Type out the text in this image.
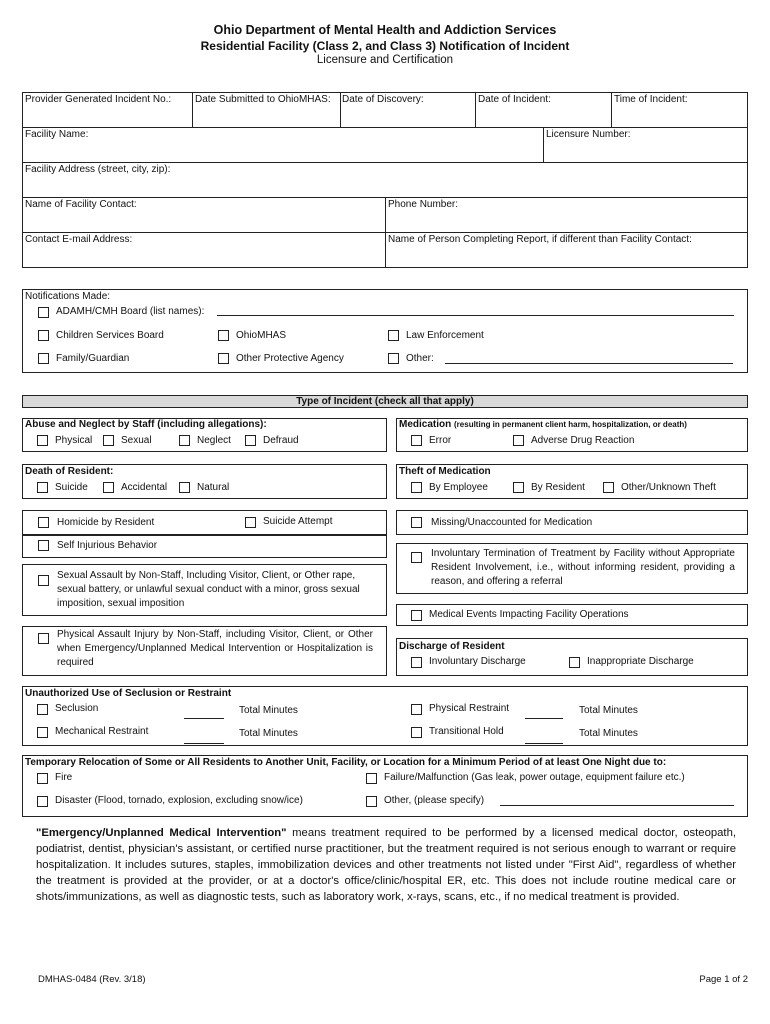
Ohio Department of Mental Health and Addiction Services
Residential Facility (Class 2, and Class 3) Notification of Incident
Licensure and Certification
Provider Generated Incident No.: Date Submitted to OhioMHAS: Date of Discovery:	Date of Incident:	Time of Incident:
Facility Name:	Licensure Number:
Facility Address (street, city, zip):
Name of Facility Contact:	Phone Number:
Contact E-mail Address:	Name of Person Completing Report, if different than Facility Contact:
Notifications Made:
ADAMH/CMH Board (list names):
Children Services Board	OhioMHAS	Law Enforcement
Family/Guardian	Other Protective Agency	Other:
Type of Incident (check all that apply)
Abuse and Neglect by Staff (including allegations):
Physical	Sexual	Neglect	Defraud
Medication (resulting in permanent client harm, hospitalization, or death)
Error	Adverse Drug Reaction
Death of Resident:
Suicide	Accidental	Natural
Theft of Medication
By Employee	By Resident	Other/Unknown Theft
Homicide by Resident	Suicide Attempt
Self Injurious Behavior
Sexual Assault by Non-Staff, Including Visitor, Client, or Other rape, sexual battery, or unlawful sexual conduct with a minor, gross sexual imposition, sexual imposition
Physical Assault Injury by Non-Staff, including Visitor, Client, or Other when Emergency/Unplanned Medical Intervention or Hospitalization is required
Missing/Unaccounted for Medication
Involuntary Termination of Treatment by Facility without Appropriate Resident Involvement, i.e., without informing resident, providing a reason, and offering a referral
Medical Events Impacting Facility Operations
Discharge of Resident
Involuntary Discharge	Inappropriate Discharge
Unauthorized Use of Seclusion or Restraint
Seclusion	Total Minutes	Physical Restraint	Total Minutes
Mechanical Restraint	Total Minutes	Transitional Hold	Total Minutes
Temporary Relocation of Some or All Residents to Another Unit, Facility, or Location for a Minimum Period of at least One Night due to:
Fire	Failure/Malfunction (Gas leak, power outage, equipment failure etc.)
Disaster (Flood, tornado, explosion, excluding snow/ice)	Other, (please specify)
"Emergency/Unplanned Medical Intervention" means treatment required to be performed by a licensed medical doctor, osteopath, podiatrist, dentist, physician's assistant, or certified nurse practitioner, but the treatment required is not serious enough to warrant or require hospitalization. It includes sutures, staples, immobilization devices and other treatments not listed under "First Aid", regardless of whether the treatment is provided at the provider, or at a doctor's office/clinic/hospital ER, etc. This does not include routine medical care or shots/immunizations, as well as diagnostic tests, such as laboratory work, x-rays, scans, etc., if no medical treatment is provided.
DMHAS-0484 (Rev. 3/18)	Page 1 of 2
